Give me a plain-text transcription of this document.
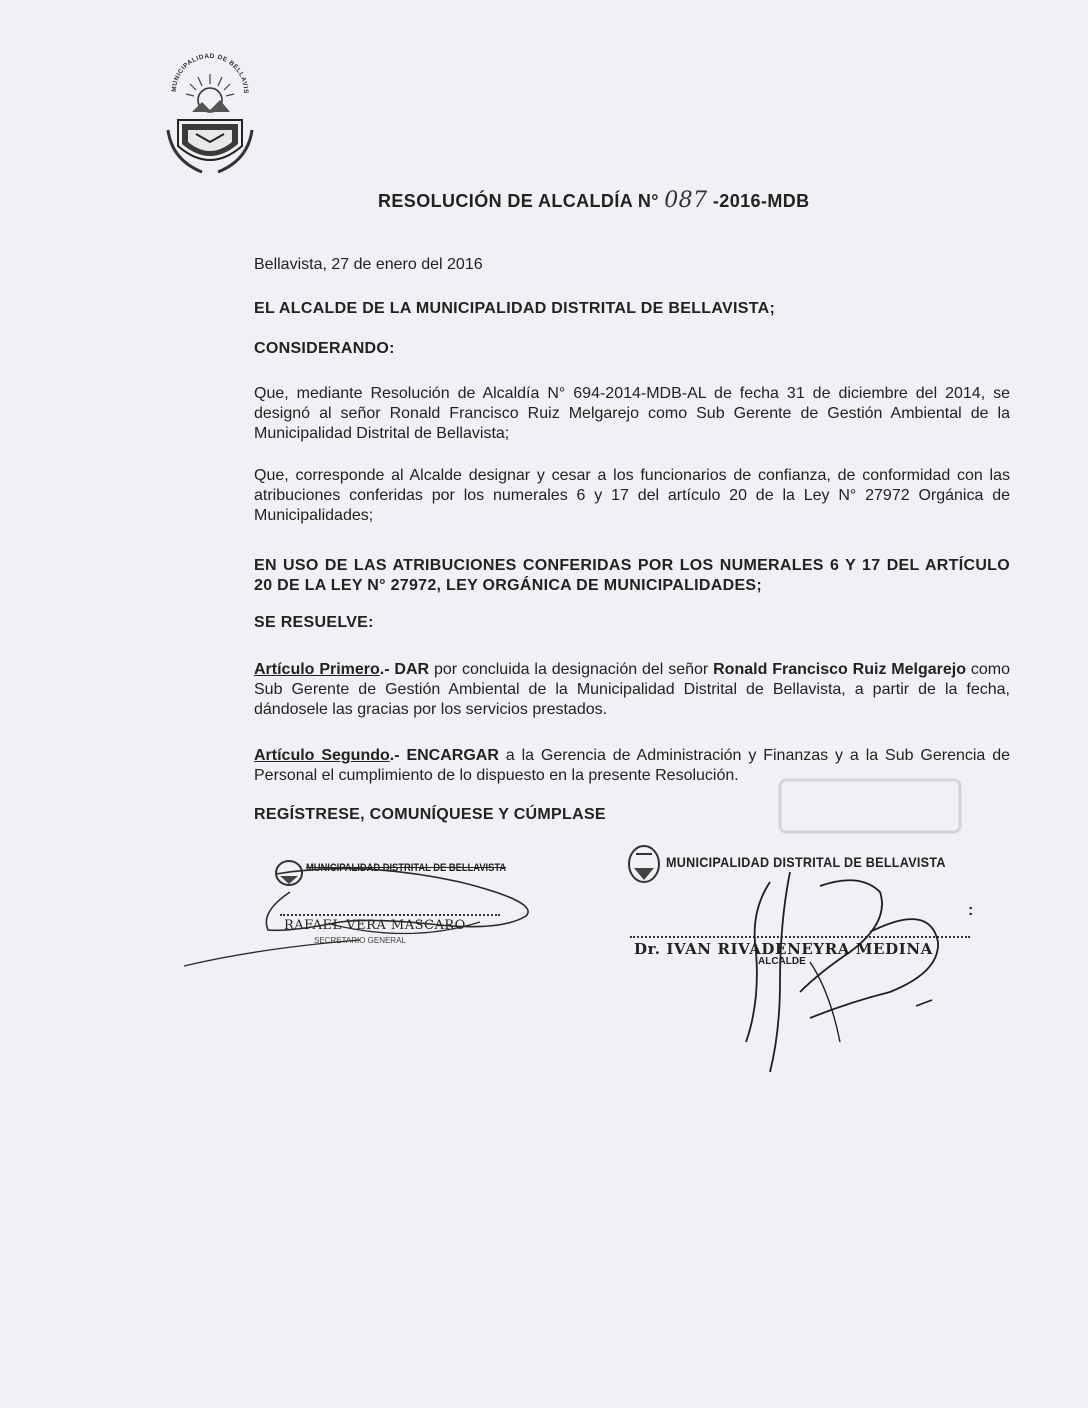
MUNICIPALIDAD DE BELLAVISTA
RESOLUCIÓN DE ALCALDÍA N° 087 -2016-MDB
Bellavista, 27 de enero del 2016
EL ALCALDE DE LA MUNICIPALIDAD DISTRITAL DE BELLAVISTA;
CONSIDERANDO:
Que, mediante Resolución de Alcaldía N° 694-2014-MDB-AL de fecha 31 de diciembre del 2014, se designó al señor Ronald Francisco Ruiz Melgarejo como Sub Gerente de Gestión Ambiental de la Municipalidad Distrital de Bellavista;
Que, corresponde al Alcalde designar y cesar a los funcionarios de confianza, de conformidad con las atribuciones conferidas por los numerales 6 y 17 del artículo 20 de la Ley N° 27972 Orgánica de Municipalidades;
EN USO DE LAS ATRIBUCIONES CONFERIDAS POR LOS NUMERALES 6 Y 17 DEL ARTÍCULO 20 DE LA LEY N° 27972, LEY ORGÁNICA DE MUNICIPALIDADES;
SE RESUELVE:
Artículo Primero.- DAR por concluida la designación del señor Ronald Francisco Ruiz Melgarejo como Sub Gerente de Gestión Ambiental de la Municipalidad Distrital de Bellavista, a partir de la fecha, dándosele las gracias por los servicios prestados.
Artículo Segundo.- ENCARGAR a la Gerencia de Administración y Finanzas y a la Sub Gerencia de Personal el cumplimiento de lo dispuesto en la presente Resolución.
REGÍSTRESE, COMUNÍQUESE Y CÚMPLASE
MUNICIPALIDAD DISTRITAL DE BELLAVISTA
RAFAEL VERA MASCARO
SECRETARIO GENERAL
MUNICIPALIDAD DISTRITAL DE BELLAVISTA
:
Dr. IVAN RIVADENEYRA MEDINA
ALCALDE
